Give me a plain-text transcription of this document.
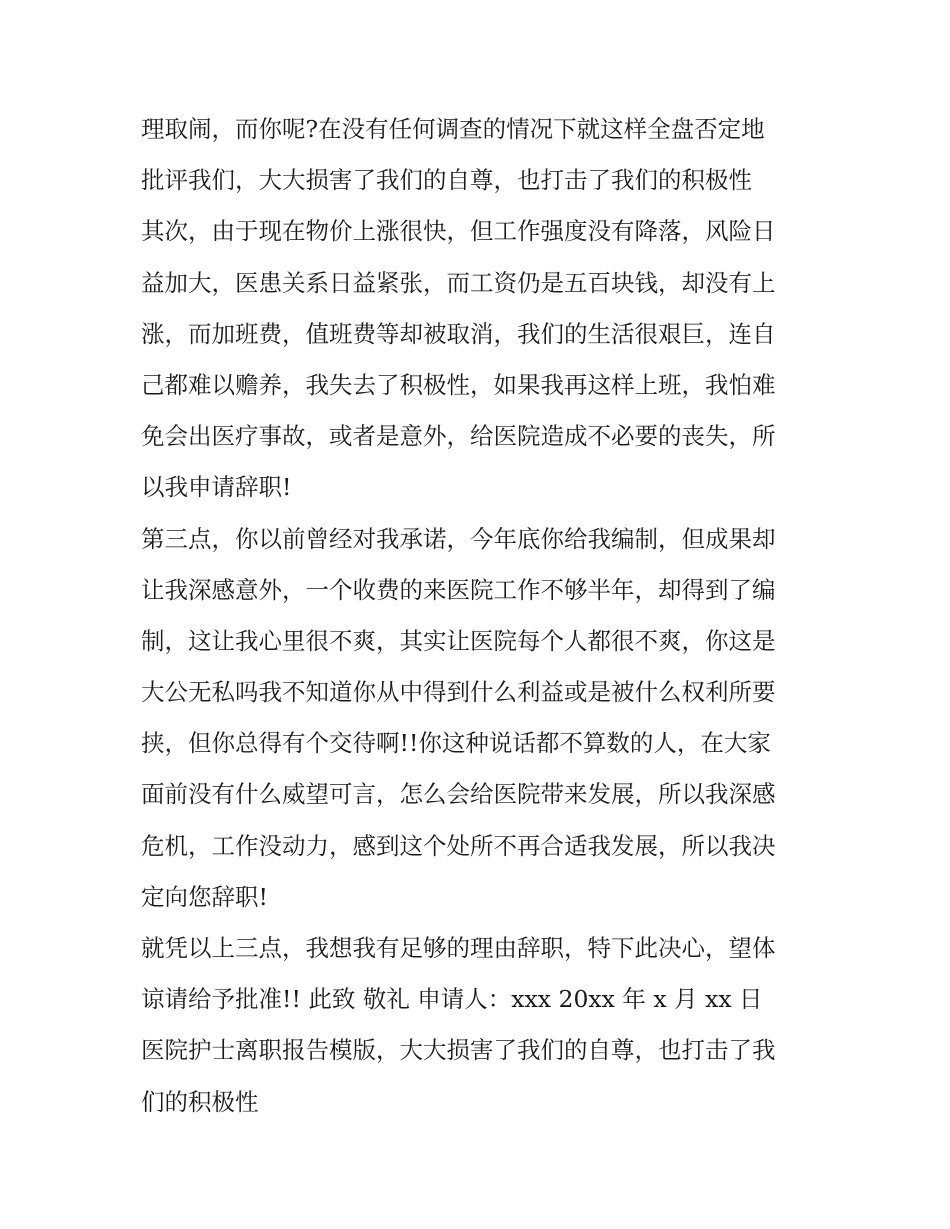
理取闹，而你呢?在没有任何调查的情况下就这样全盘否定地
批评我们，大大损害了我们的自尊，也打击了我们的积极性
其次，由于现在物价上涨很快，但工作强度没有降落，风险日
益加大，医患关系日益紧张，而工资仍是五百块钱，却没有上
涨，而加班费，值班费等却被取消，我们的生活很艰巨，连自
己都难以赡养，我失去了积极性，如果我再这样上班，我怕难
免会出医疗事故，或者是意外，给医院造成不必要的丧失，所
以我申请辞职!
第三点，你以前曾经对我承诺，今年底你给我编制，但成果却
让我深感意外，一个收费的来医院工作不够半年，却得到了编
制，这让我心里很不爽，其实让医院每个人都很不爽，你这是
大公无私吗我不知道你从中得到什么利益或是被什么权利所要
挟，但你总得有个交待啊!!你这种说话都不算数的人，在大家
面前没有什么威望可言，怎么会给医院带来发展，所以我深感
危机，工作没动力，感到这个处所不再合适我发展，所以我决
定向您辞职!
就凭以上三点，我想我有足够的理由辞职，特下此决心，望体
谅请给予批准!! 此致 敬礼 申请人：xxx 20xx 年 x 月 xx 日
医院护士离职报告模版，大大损害了我们的自尊，也打击了我
们的积极性
